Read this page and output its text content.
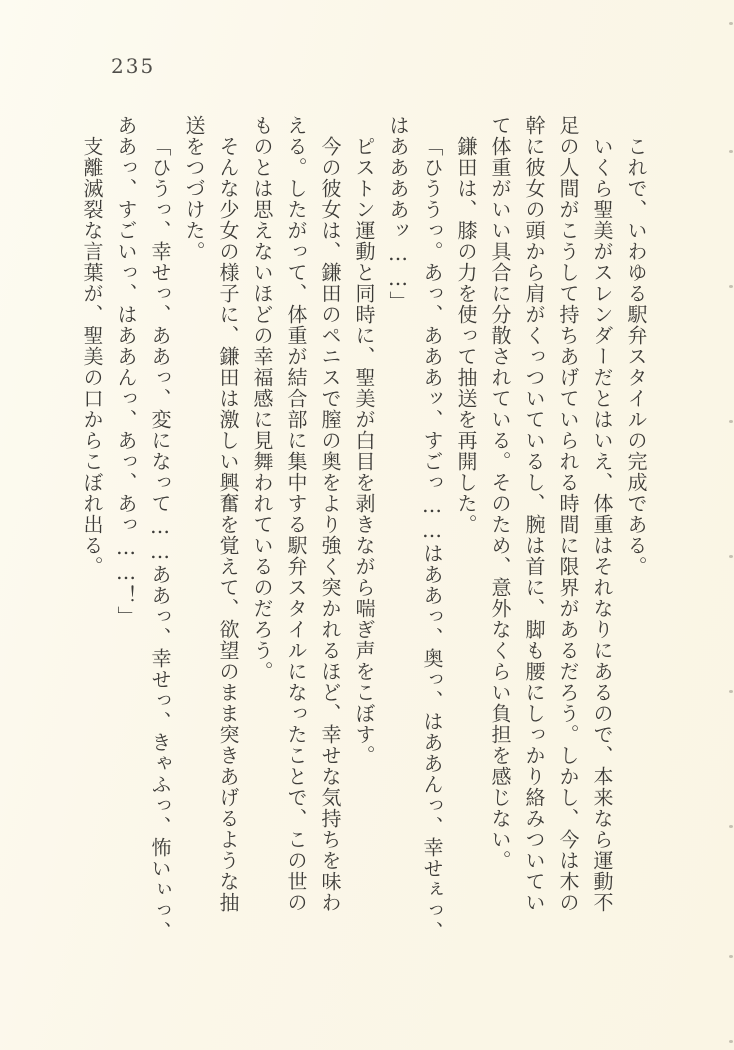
235
これで、いわゆる駅弁スタイルの完成である。
いくら聖美がスレンダーだとはいえ、体重はそれなりにあるので、本来なら運動不
足の人間がこうして持ちあげていられる時間に限界があるだろう。しかし、今は木の
幹に彼女の頭から肩がくっついているし、腕は首に、脚も腰にしっかり絡みついてい
て体重がいい具合に分散されている。そのため、意外なくらい負担を感じない。
鎌田は、膝の力を使って抽送を再開した。
「ひううっ。あっ、あああッ、すごっ……はああっ、奥っ、はああんっ、幸せぇっ、
はああああッ……」
ピストン運動と同時に、聖美が白目を剥きながら喘ぎ声をこぼす。
今の彼女は、鎌田のペニスで膣の奥をより強く突かれるほど、幸せな気持ちを味わ
える。したがって、体重が結合部に集中する駅弁スタイルになったことで、この世の
ものとは思えないほどの幸福感に見舞われているのだろう。
そんな少女の様子に、鎌田は激しい興奮を覚えて、欲望のまま突きあげるような抽
送をつづけた。
「ひうっ、幸せっ、ああっ、変になって……ああっ、幸せっ、きゃふっ、怖いぃっ、
ああっ、すごいっ、はああんっ、あっ、あっ……！」
支離滅裂な言葉が、聖美の口からこぼれ出る。
